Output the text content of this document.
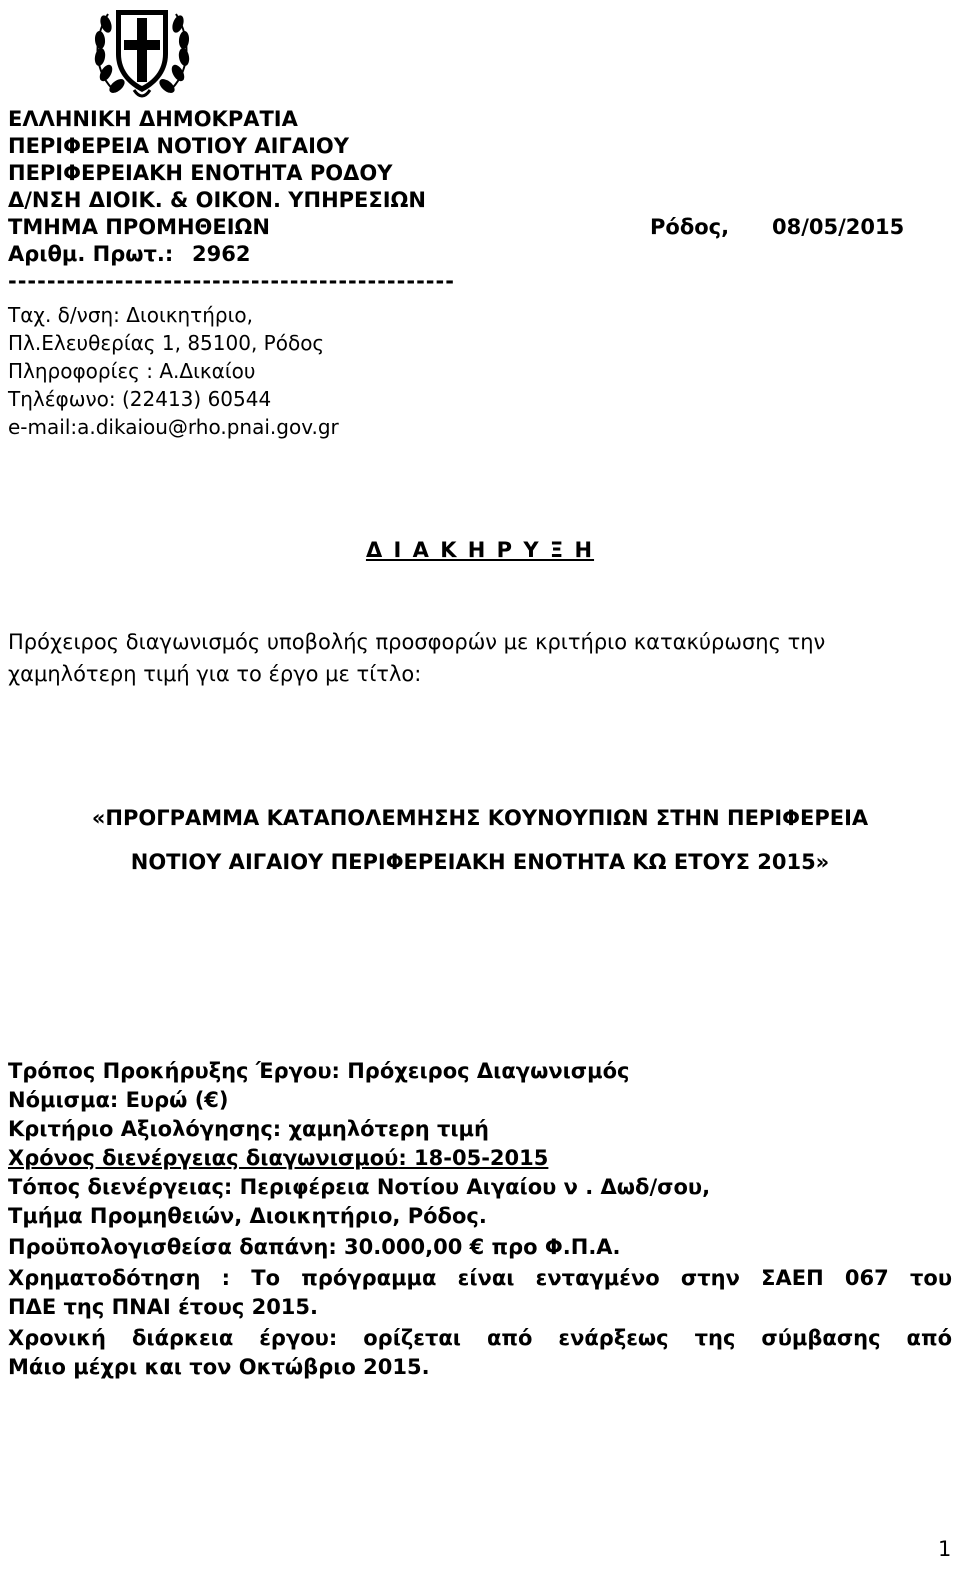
ΕΛΛΗΝΙΚΗ ΔΗΜΟΚΡΑΤΙΑ
ΠΕΡΙΦΕΡΕΙΑ ΝΟΤΙΟΥ ΑΙΓΑΙΟΥ
ΠΕΡΙΦΕΡΕΙΑΚΗ ΕΝΟΤΗΤΑ ΡΟΔΟΥ
Δ/ΝΣΗ ΔΙΟΙΚ. & ΟΙΚΟΝ. ΥΠΗΡΕΣΙΩΝ
ΤΜΗΜΑ ΠΡΟΜΗΘΕΙΩΝ	Ρόδος, 08/05/2015
Αριθμ. Πρωτ.: 2962
----------------------------------------------
Ταχ. δ/νση: Διοικητήριο,
Πλ.Ελευθερίας 1, 85100, Ρόδος
Πληροφορίες : Α.Δικαίου
Τηλέφωνο: (22413) 60544
e-mail:a.dikaiou@rho.pnai.gov.gr
Δ Ι Α Κ Η Ρ Υ Ξ Η
Πρόχειρος διαγωνισμός υποβολής προσφορών με κριτήριο κατακύρωσης την
χαμηλότερη τιμή για το έργο με τίτλο:
«ΠΡΟΓΡΑΜΜΑ ΚΑΤΑΠΟΛΕΜΗΣΗΣ ΚΟΥΝΟΥΠΙΩΝ ΣΤΗΝ ΠΕΡΙΦΕΡΕΙΑ
ΝΟΤΙΟΥ ΑΙΓΑΙΟΥ ΠΕΡΙΦΕΡΕΙΑΚΗ ΕΝΟΤΗΤΑ ΚΩ ΕΤΟΥΣ 2015»
Τρόπος Προκήρυξης Έργου: Πρόχειρος Διαγωνισμός
Νόμισμα: Ευρώ (€)
Κριτήριο Αξιολόγησης: χαμηλότερη τιμή
Χρόνος διενέργειας διαγωνισμού: 18-05-2015
Τόπος διενέργειας: Περιφέρεια Νοτίου Αιγαίου ν . Δωδ/σου,
Τμήμα Προμηθειών, Διοικητήριο, Ρόδος.
Προϋπολογισθείσα δαπάνη: 30.000,00 € προ Φ.Π.Α.
Χρηματοδότηση : Το πρόγραμμα είναι ενταγμένο στην ΣΑΕΠ 067 του
ΠΔΕ της ΠΝΑΙ έτους 2015.
Χρονική διάρκεια έργου: ορίζεται από ενάρξεως της σύμβασης από
Μάιο μέχρι και τον Οκτώβριο 2015.
1
